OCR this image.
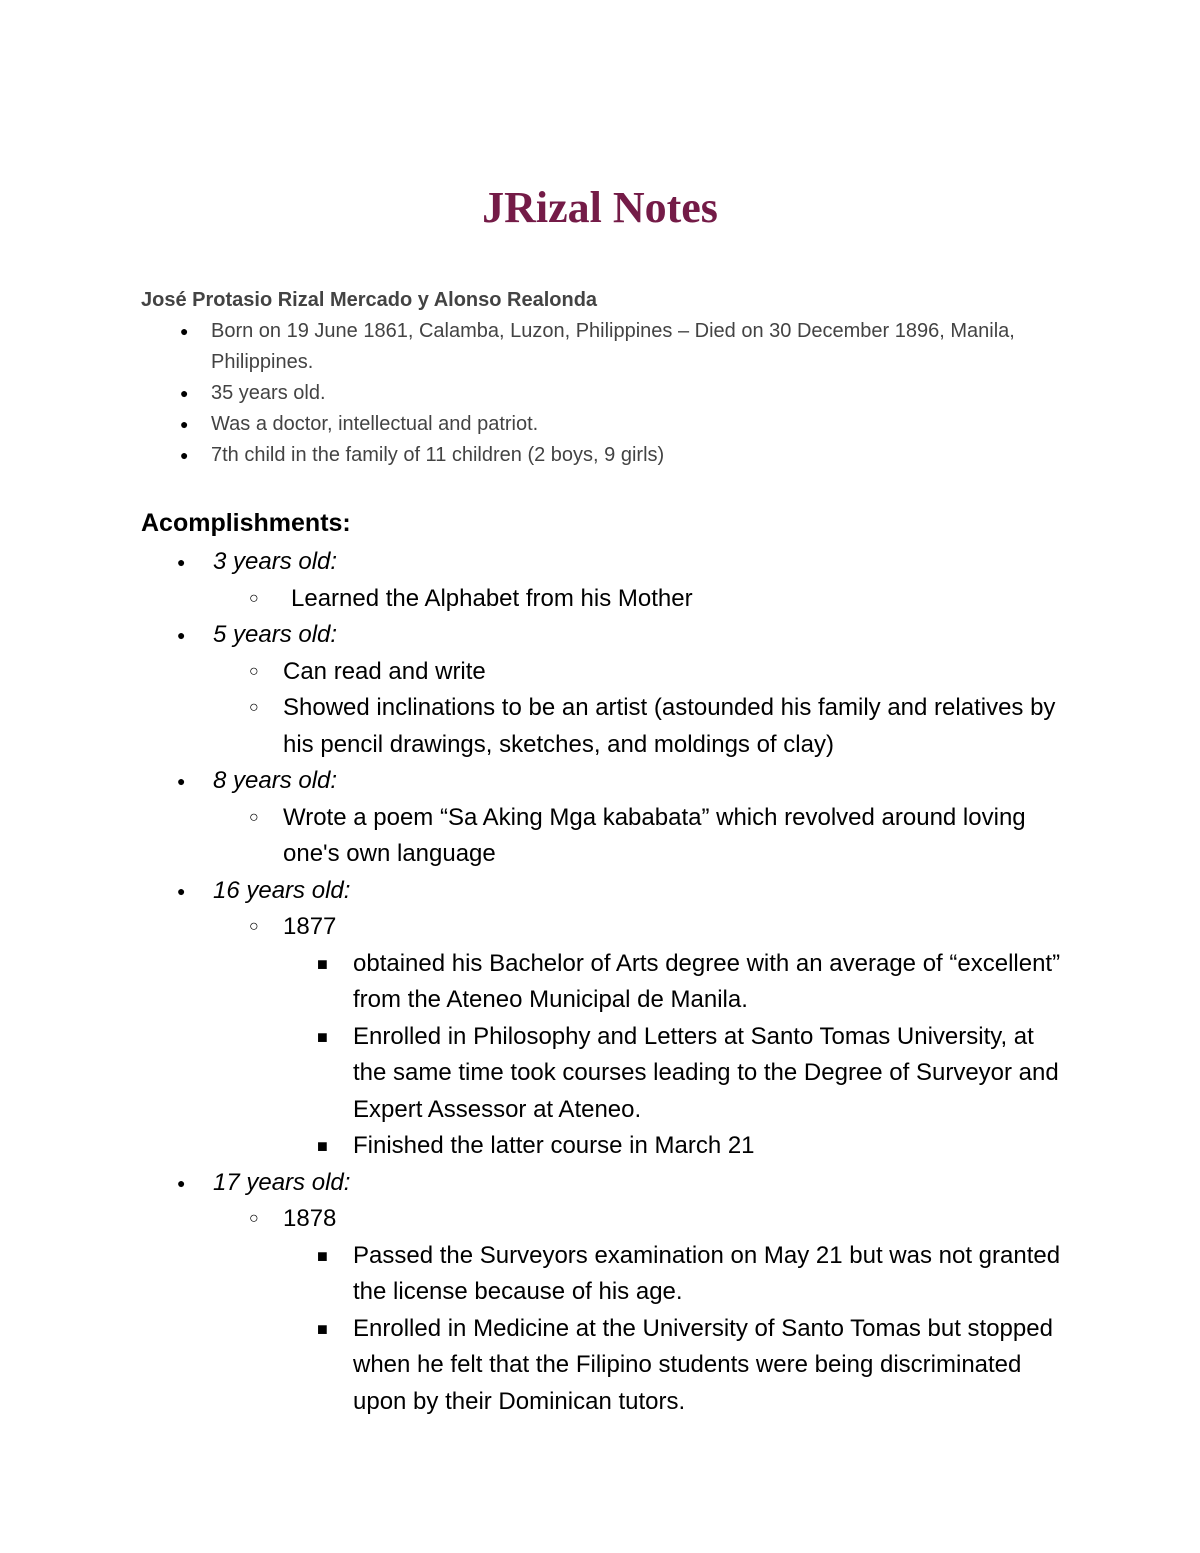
JRizal Notes

José Protasio Rizal Mercado y Alonso Realonda

● Born on 19 June 1861, Calamba, Luzon, Philippines – Died on 30 December 1896, Manila, Philippines.
● 35 years old.
● Was a doctor, intellectual and patriot.
● 7th child in the family of 11 children (2 boys, 9 girls)
Acomplishments:
● 3 years old:
○ Learned the Alphabet from his Mother
● 5 years old:
○ Can read and write
○ Showed inclinations to be an artist (astounded his family and relatives by his pencil drawings, sketches, and moldings of clay)
● 8 years old:
○ Wrote a poem “Sa Aking Mga kababata” which revolved around loving one's own language
● 16 years old:
○ 1877
■ obtained his Bachelor of Arts degree with an average of “excellent” from the Ateneo Municipal de Manila.
■ Enrolled in Philosophy and Letters at Santo Tomas University, at the same time took courses leading to the Degree of Surveyor and Expert Assessor at Ateneo.
■ Finished the latter course in March 21
● 17 years old:
○ 1878
■ Passed the Surveyors examination on May 21 but was not granted the license because of his age.
■ Enrolled in Medicine at the University of Santo Tomas but stopped when he felt that the Filipino students were being discriminated upon by their Dominican tutors.
